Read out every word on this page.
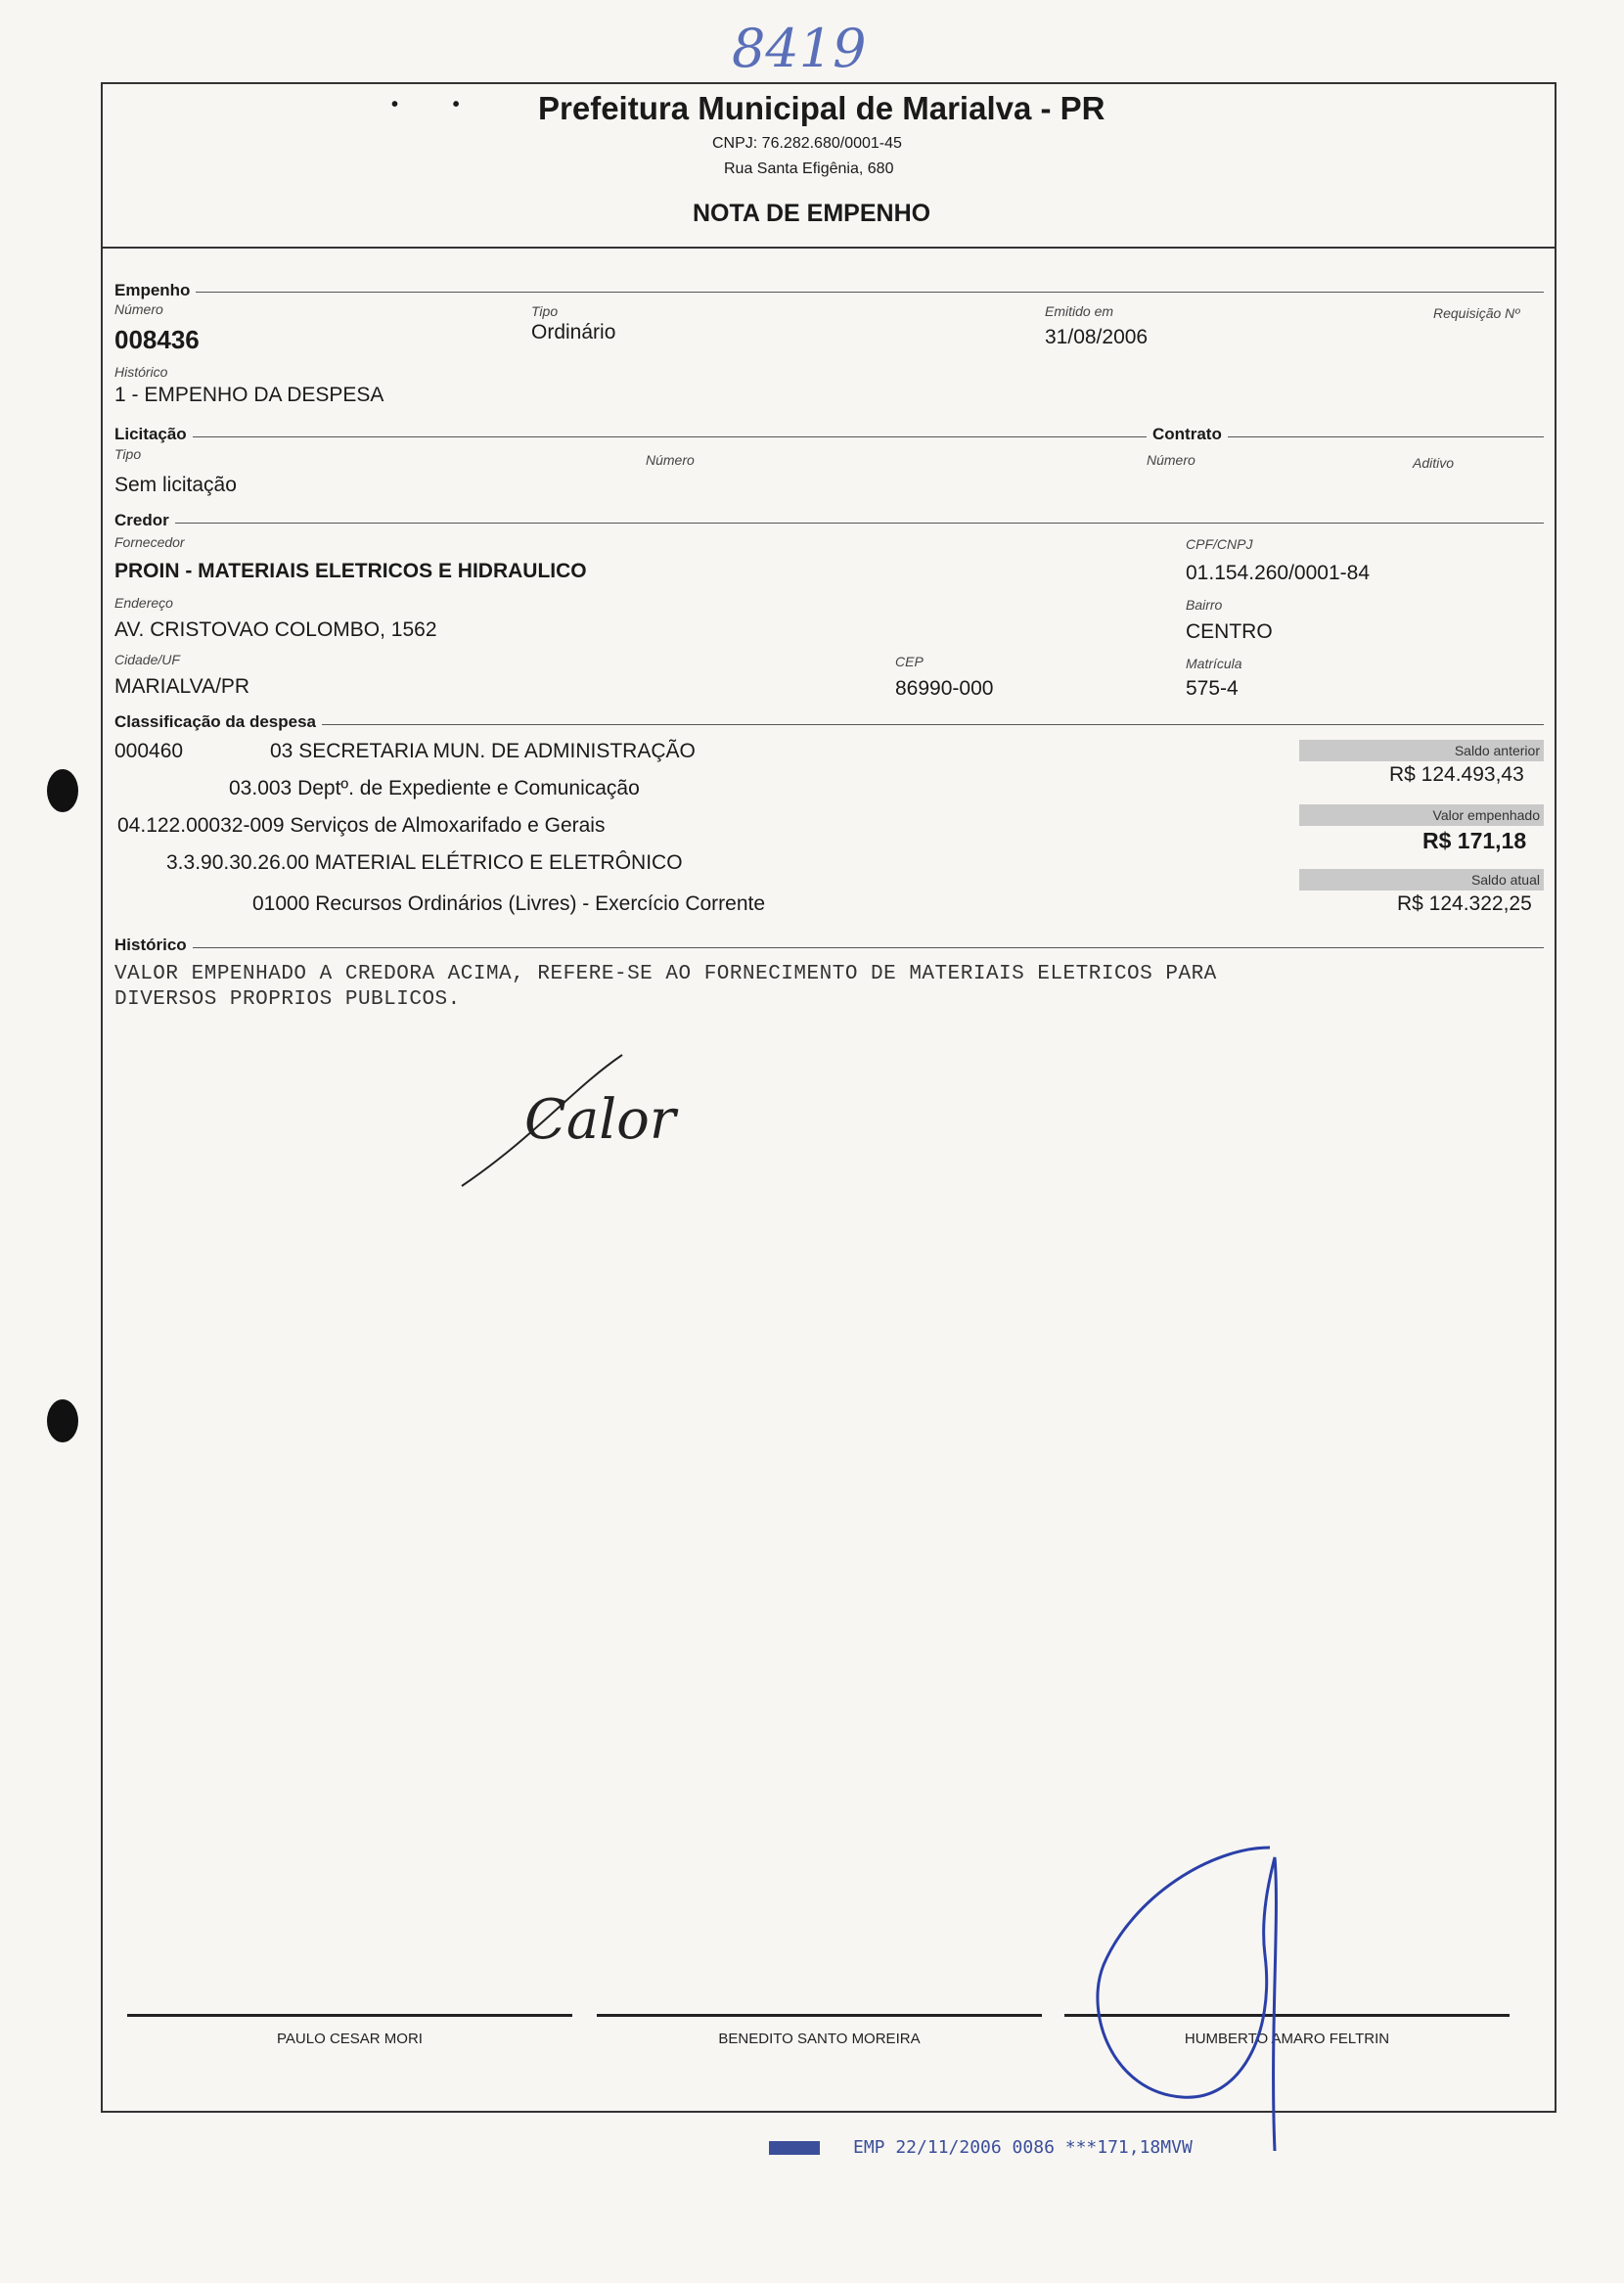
8419
•          • Prefeitura Municipal de Marialva - PR
CNPJ: 76.282.680/0001-45
Rua Santa Efigênia, 680
NOTA DE EMPENHO
Empenho
Número
008436
Tipo
Ordinário
Emitido em
31/08/2006
Requisição Nº
Histórico
1 - EMPENHO DA DESPESA
Licitação
Tipo
Sem licitação
Número
Contrato
Número	Aditivo
Credor
Fornecedor
PROIN - MATERIAIS ELETRICOS E HIDRAULICO
CPF/CNPJ
01.154.260/0001-84
Endereço
AV. CRISTOVAO COLOMBO, 1562
Bairro
CENTRO
Cidade/UF
MARIALVA/PR
CEP
86990-000
Matrícula
575-4
Classificação da despesa
000460	03 SECRETARIA MUN. DE ADMINISTRAÇÃO
03.003 Deptº. de Expediente e Comunicação
04.122.00032-009 Serviços de Almoxarifado e Gerais
3.3.90.30.26.00 MATERIAL ELÉTRICO E ELETRÔNICO
01000 Recursos Ordinários (Livres) - Exercício Corrente
Saldo anterior
R$ 124.493,43
Valor empenhado
R$ 171,18
Saldo atual
R$ 124.322,25
Histórico
VALOR EMPENHADO A CREDORA ACIMA, REFERE-SE AO FORNECIMENTO DE MATERIAIS ELETRICOS PARA
DIVERSOS PROPRIOS PUBLICOS.
Calor
PAULO CESAR MORI	BENEDITO SANTO MOREIRA	HUMBERTO AMARO FELTRIN
EMP 22/11/2006 0086 ***171,18MVW
